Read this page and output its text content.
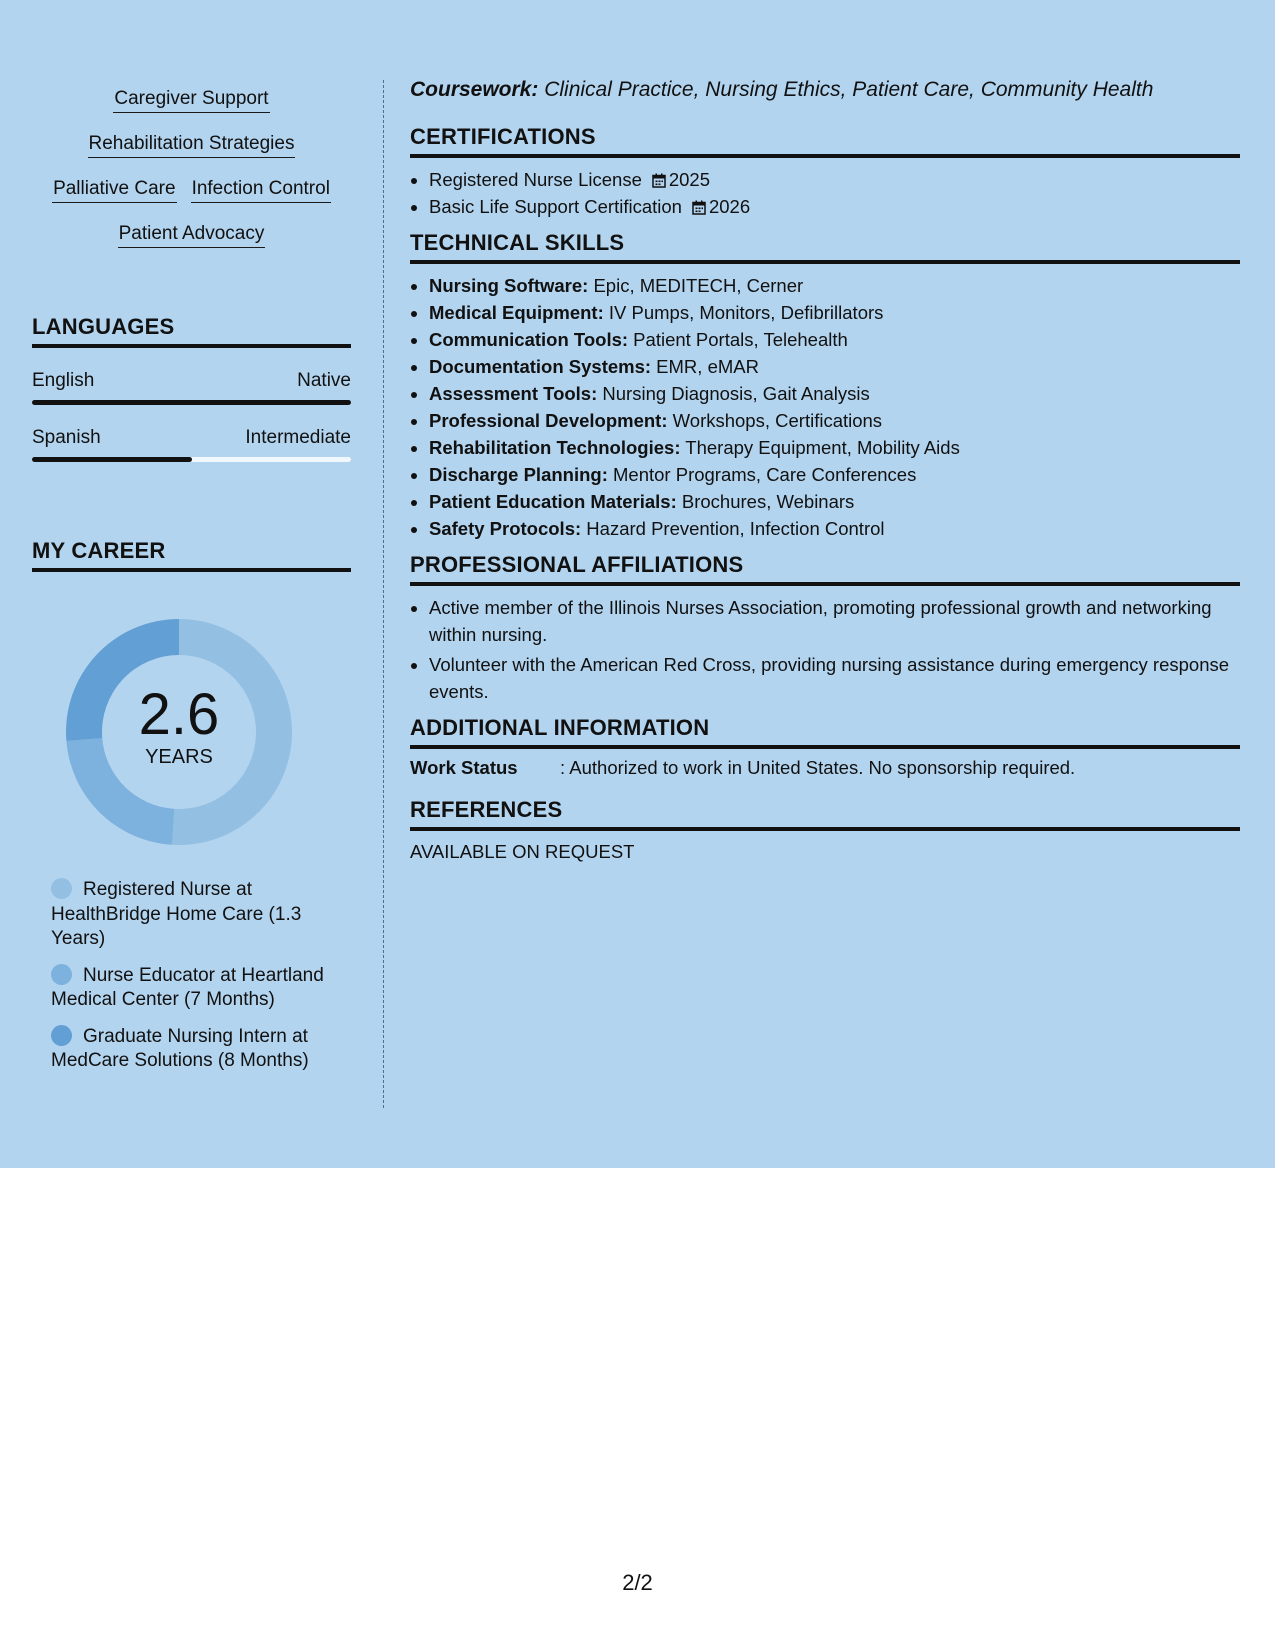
Caregiver Support
Rehabilitation Strategies
Palliative Care Infection Control
Patient Advocacy
LANGUAGES
English	Native
Spanish	Intermediate
MY CAREER
2.6
YEARS
Registered Nurse at HealthBridge Home Care (1.3 Years)
Nurse Educator at Heartland Medical Center (7 Months)
Graduate Nursing Intern at MedCare Solutions (8 Months)
Coursework: Clinical Practice, Nursing Ethics, Patient Care, Community Health
CERTIFICATIONS
• Registered Nurse License 2025
• Basic Life Support Certification 2026
TECHNICAL SKILLS
• Nursing Software: Epic, MEDITECH, Cerner
• Medical Equipment: IV Pumps, Monitors, Defibrillators
• Communication Tools: Patient Portals, Telehealth
• Documentation Systems: EMR, eMAR
• Assessment Tools: Nursing Diagnosis, Gait Analysis
• Professional Development: Workshops, Certifications
• Rehabilitation Technologies: Therapy Equipment, Mobility Aids
• Discharge Planning: Mentor Programs, Care Conferences
• Patient Education Materials: Brochures, Webinars
• Safety Protocols: Hazard Prevention, Infection Control
PROFESSIONAL AFFILIATIONS
• Active member of the Illinois Nurses Association, promoting professional growth and networking within nursing.
• Volunteer with the American Red Cross, providing nursing assistance during emergency response events.
ADDITIONAL INFORMATION
Work Status	: Authorized to work in United States. No sponsorship required.
REFERENCES
AVAILABLE ON REQUEST
2/2
